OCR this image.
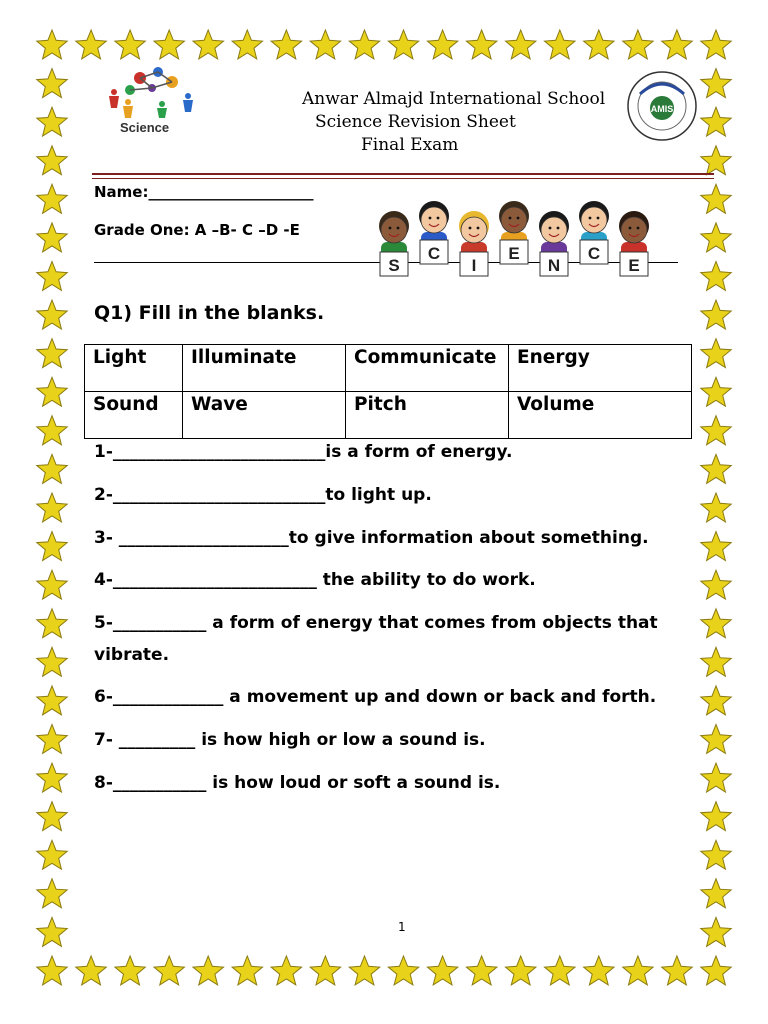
Science
AMIS
Anwar Almajd International School
Science Revision Sheet
Final Exam
Name:______________________
Grade One: A –B- C –D -E
S
C
I
E
N
C
E
Q1) Fill in the blanks.
Light	Illuminate	Communicate	Energy
Sound	Wave	Pitch	Volume
1-_________________________is a form of energy.
2-_________________________to light up.
3- ____________________to give information about something.
4-________________________ the ability to do work.
5-___________ a form of energy that comes from objects that vibrate.
6-_____________ a movement up and down or back and forth.
7- _________ is how high or low a sound is.
8-___________ is how loud or soft a sound is.
1
